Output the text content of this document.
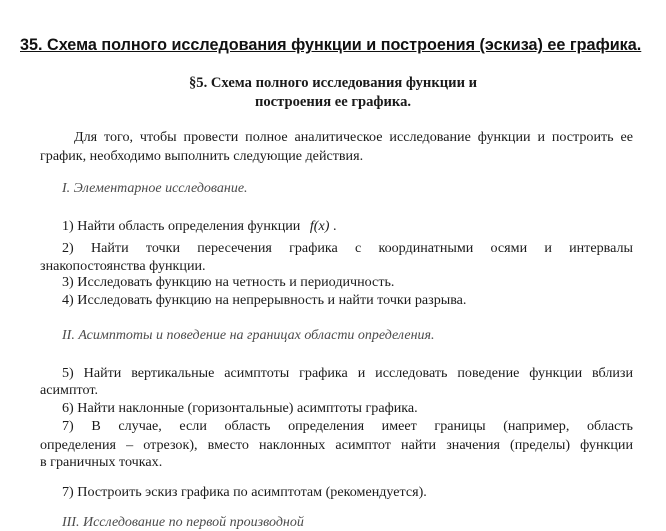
35. Схема полного исследования функции и построения (эскиза) ее графика.
§5. Схема полного исследования функции и
построения ее графика.
Для того, чтобы провести полное аналитическое исследование функции и построить ее график, необходимо выполнить следующие действия.
I. Элементарное исследование.
1) Найти область определения функции f(x) .
2) Найти точки пересечения графика с координатными осями и интервалы
знакопостоянства функции.
3) Исследовать функцию на четность и периодичность.
4) Исследовать функцию на непрерывность и найти точки разрыва.
II. Асимптоты и поведение на границах области определения.
5) Найти вертикальные асимптоты графика и исследовать поведение функции вблизи
асимптот.
6) Найти наклонные (горизонтальные) асимптоты графика.
7) В случае, если область определения имеет границы (например, область
определения – отрезок), вместо наклонных асимптот найти значения (пределы) функции
в граничных точках.
7) Построить эскиз графика по асимптотам (рекомендуется).
III. Исследование по первой производной
